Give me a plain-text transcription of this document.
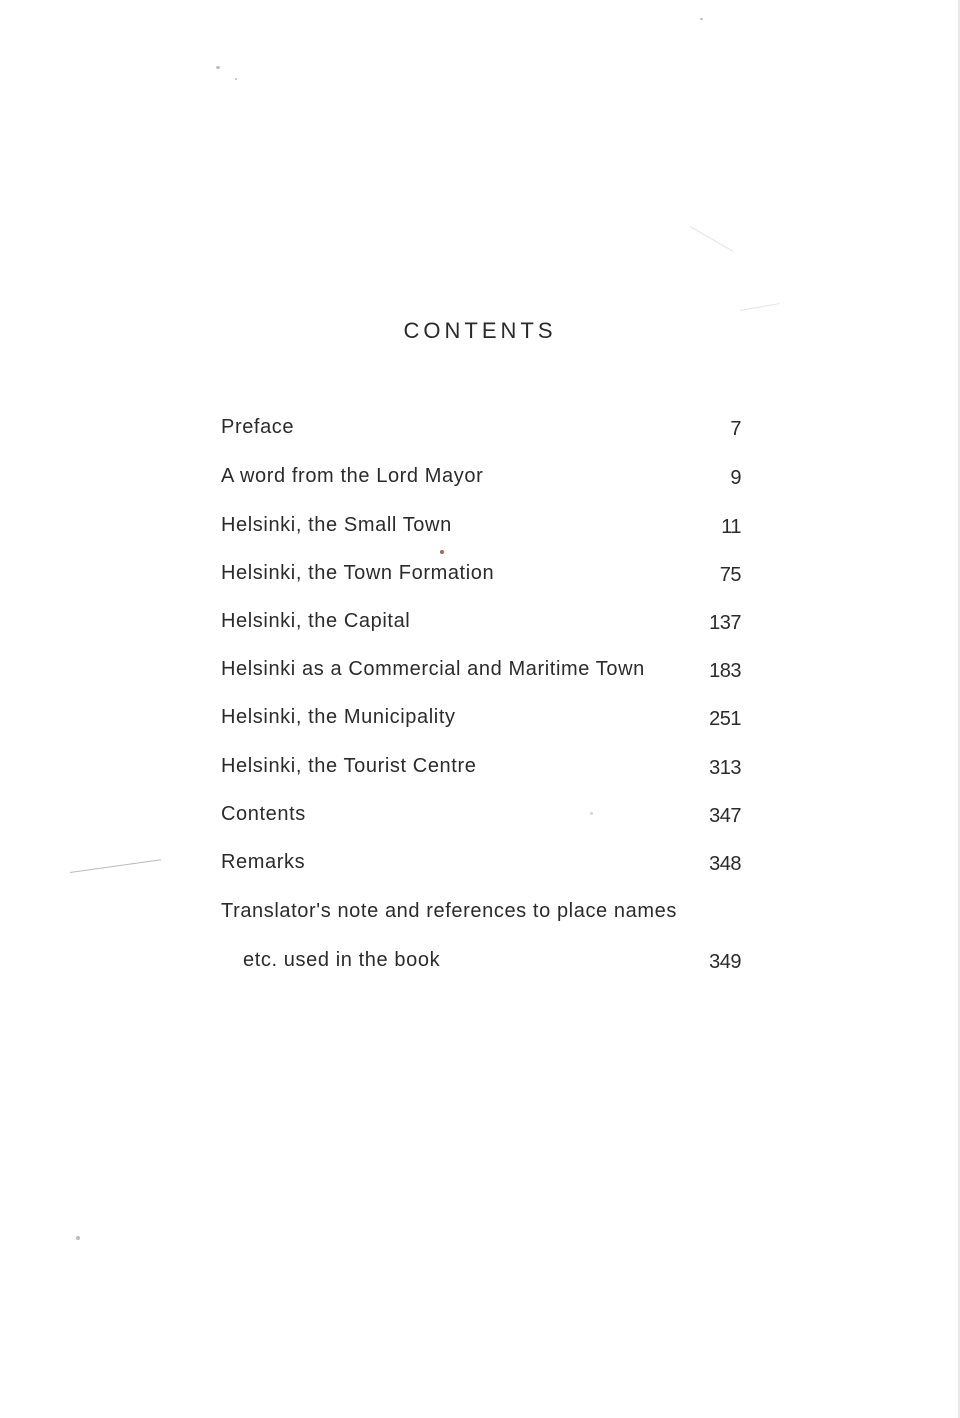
CONTENTS
Preface	7
A word from the Lord Mayor	9
Helsinki, the Small Town	11
Helsinki, the Town Formation	75
Helsinki, the Capital	137
Helsinki as a Commercial and Maritime Town	183
Helsinki, the Municipality	251
Helsinki, the Tourist Centre	313
Contents	347
Remarks	348
Translator's note and references to place names
etc. used in the book	349
